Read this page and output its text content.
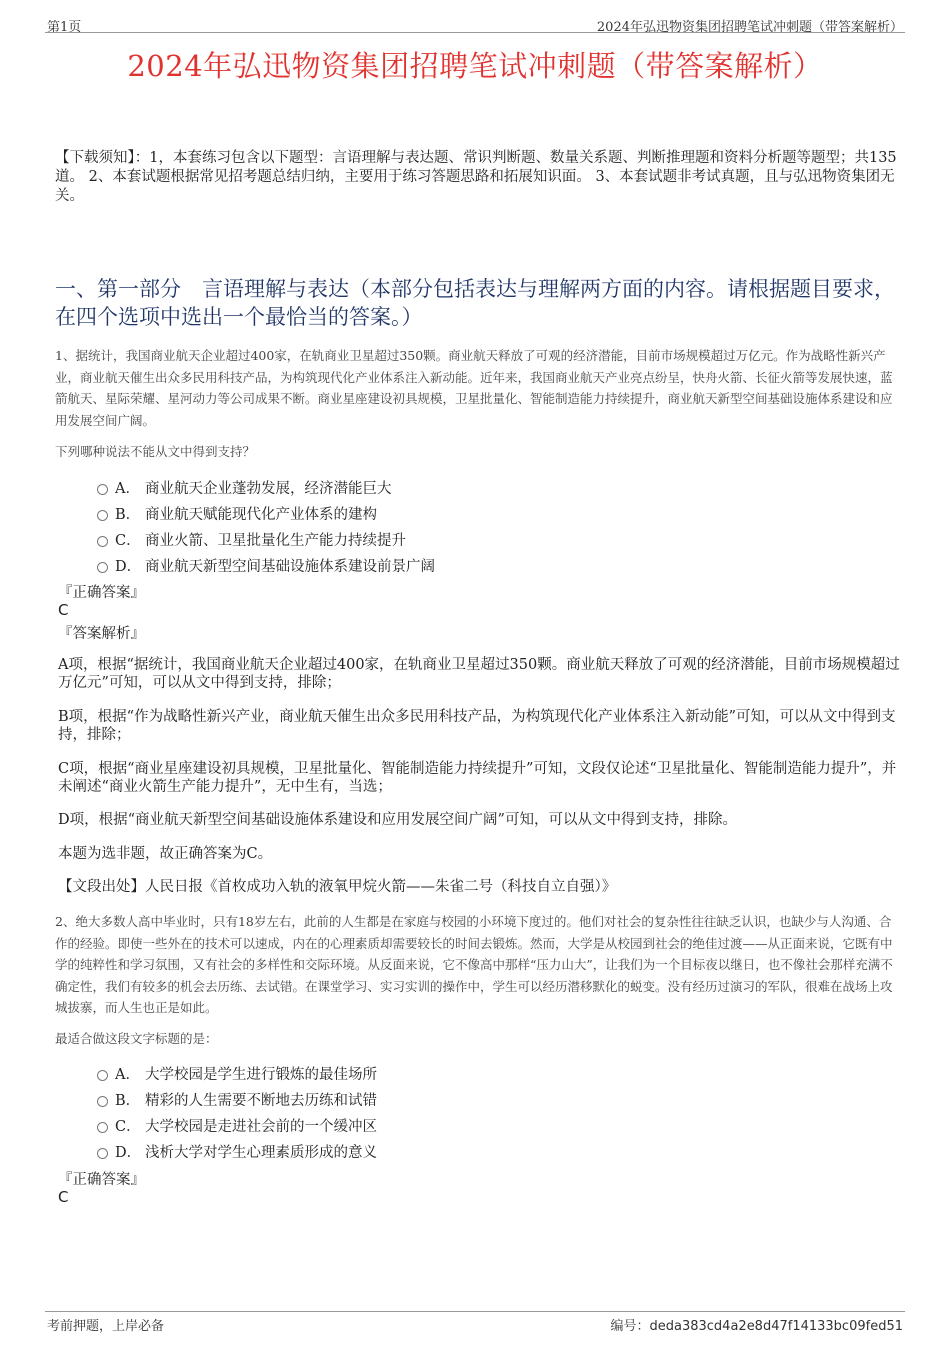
第1页	2024年弘迅物资集团招聘笔试冲刺题（带答案解析）
2024年弘迅物资集团招聘笔试冲刺题（带答案解析）
【下载须知】：1，本套练习包含以下题型：言语理解与表达题、常识判断题、数量关系题、判断推理题和资料分析题等题型；共135道。 2、本套试题根据常见招考题总结归纳，主要用于练习答题思路和拓展知识面。 3、本套试题非考试真题，且与弘迅物资集团无关。
一、第一部分　言语理解与表达（本部分包括表达与理解两方面的内容。请根据题目要求，在四个选项中选出一个最恰当的答案。）
1、据统计，我国商业航天企业超过400家，在轨商业卫星超过350颗。商业航天释放了可观的经济潜能，目前市场规模超过万亿元。作为战略性新兴产业，商业航天催生出众多民用科技产品，为构筑现代化产业体系注入新动能。近年来，我国商业航天产业亮点纷呈，快舟火箭、长征火箭等发展快速，蓝箭航天、星际荣耀、星河动力等公司成果不断。商业星座建设初具规模，卫星批量化、智能制造能力持续提升，商业航天新型空间基础设施体系建设和应用发展空间广阔。
下列哪种说法不能从文中得到支持？
A． 商业航天企业蓬勃发展，经济潜能巨大
B． 商业航天赋能现代化产业体系的建构
C． 商业火箭、卫星批量化生产能力持续提升
D． 商业航天新型空间基础设施体系建设前景广阔
『正确答案』
C
『答案解析』
A项，根据“据统计，我国商业航天企业超过400家，在轨商业卫星超过350颗。商业航天释放了可观的经济潜能，目前市场规模超过万亿元”可知，可以从文中得到支持，排除；
B项，根据“作为战略性新兴产业，商业航天催生出众多民用科技产品，为构筑现代化产业体系注入新动能”可知，可以从文中得到支持，排除；
C项，根据“商业星座建设初具规模，卫星批量化、智能制造能力持续提升”可知，文段仅论述“卫星批量化、智能制造能力提升”，并未阐述“商业火箭生产能力提升”，无中生有，当选；
D项，根据“商业航天新型空间基础设施体系建设和应用发展空间广阔”可知，可以从文中得到支持，排除。
本题为选非题，故正确答案为C。
【文段出处】人民日报《首枚成功入轨的液氧甲烷火箭——朱雀二号（科技自立自强）》
2、绝大多数人高中毕业时，只有18岁左右，此前的人生都是在家庭与校园的小环境下度过的。他们对社会的复杂性往往缺乏认识，也缺少与人沟通、合作的经验。即使一些外在的技术可以速成，内在的心理素质却需要较长的时间去锻炼。然而，大学是从校园到社会的绝佳过渡——从正面来说，它既有中学的纯粹性和学习氛围，又有社会的多样性和交际环境。从反面来说，它不像高中那样“压力山大”，让我们为一个目标夜以继日，也不像社会那样充满不确定性，我们有较多的机会去历练、去试错。在课堂学习、实习实训的操作中，学生可以经历潜移默化的蜕变。没有经历过演习的军队，很难在战场上攻城拔寨，而人生也正是如此。
最适合做这段文字标题的是：
A． 大学校园是学生进行锻炼的最佳场所
B． 精彩的人生需要不断地去历练和试错
C． 大学校园是走进社会前的一个缓冲区
D． 浅析大学对学生心理素质形成的意义
『正确答案』
C
考前押题，上岸必备	编号：deda383cd4a2e8d47f14133bc09fed51
